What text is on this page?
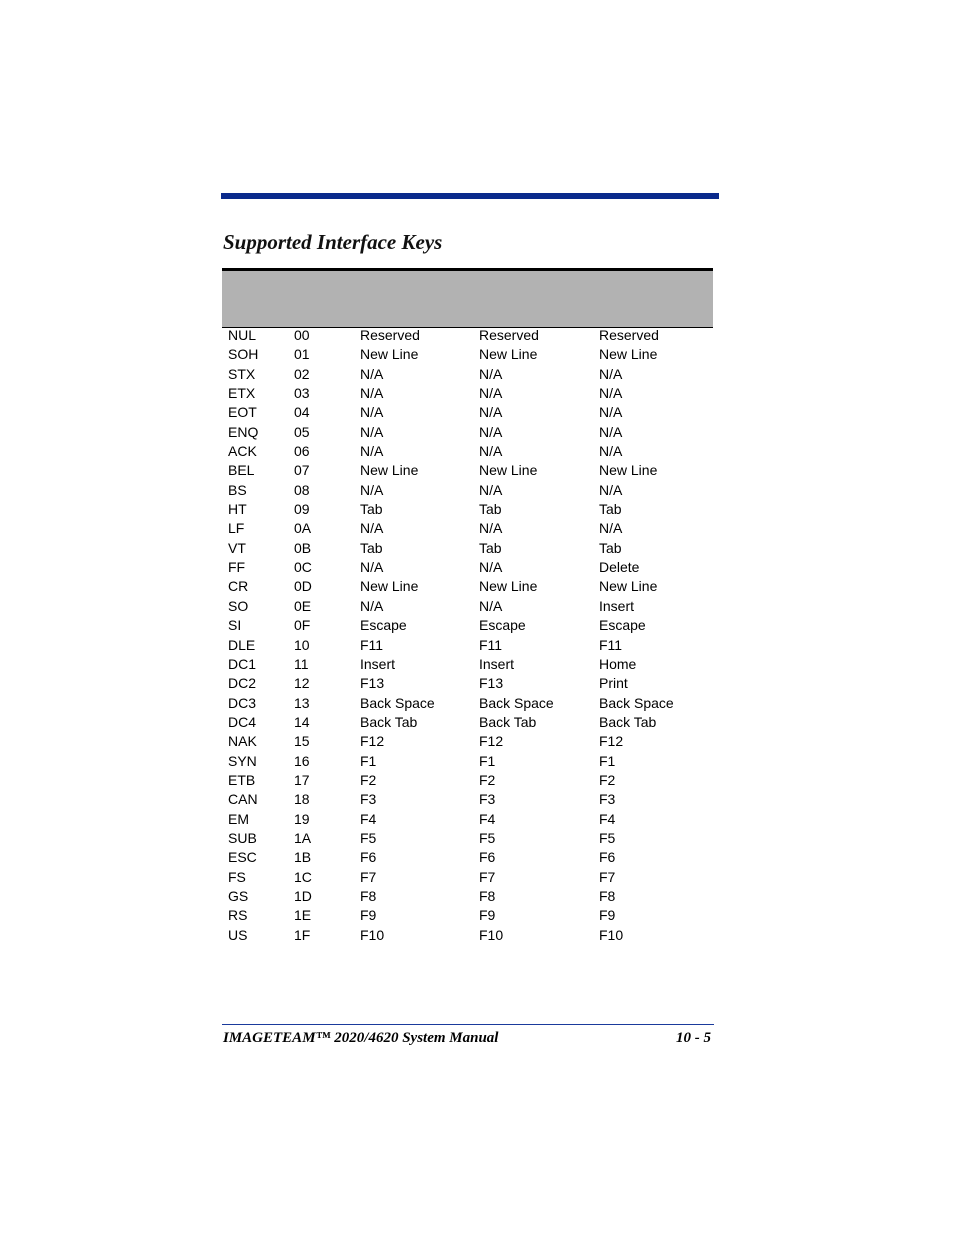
Supported Interface Keys
NUL	00	Reserved	Reserved	Reserved
SOH	01	New Line	New Line	New Line
STX	02	N/A	N/A	N/A
ETX	03	N/A	N/A	N/A
EOT	04	N/A	N/A	N/A
ENQ	05	N/A	N/A	N/A
ACK	06	N/A	N/A	N/A
BEL	07	New Line	New Line	New Line
BS	08	N/A	N/A	N/A
HT	09	Tab	Tab	Tab
LF	0A	N/A	N/A	N/A
VT	0B	Tab	Tab	Tab
FF	0C	N/A	N/A	Delete
CR	0D	New Line	New Line	New Line
SO	0E	N/A	N/A	Insert
SI	0F	Escape	Escape	Escape
DLE	10	F11	F11	F11
DC1	11	Insert	Insert	Home
DC2	12	F13	F13	Print
DC3	13	Back Space	Back Space	Back Space
DC4	14	Back Tab	Back Tab	Back Tab
NAK	15	F12	F12	F12
SYN	16	F1	F1	F1
ETB	17	F2	F2	F2
CAN	18	F3	F3	F3
EM	19	F4	F4	F4
SUB	1A	F5	F5	F5
ESC	1B	F6	F6	F6
FS	1C	F7	F7	F7
GS	1D	F8	F8	F8
RS	1E	F9	F9	F9
US	1F	F10	F10	F10
IMAGETEAM™ 2020/4620 System Manual	10 - 5
